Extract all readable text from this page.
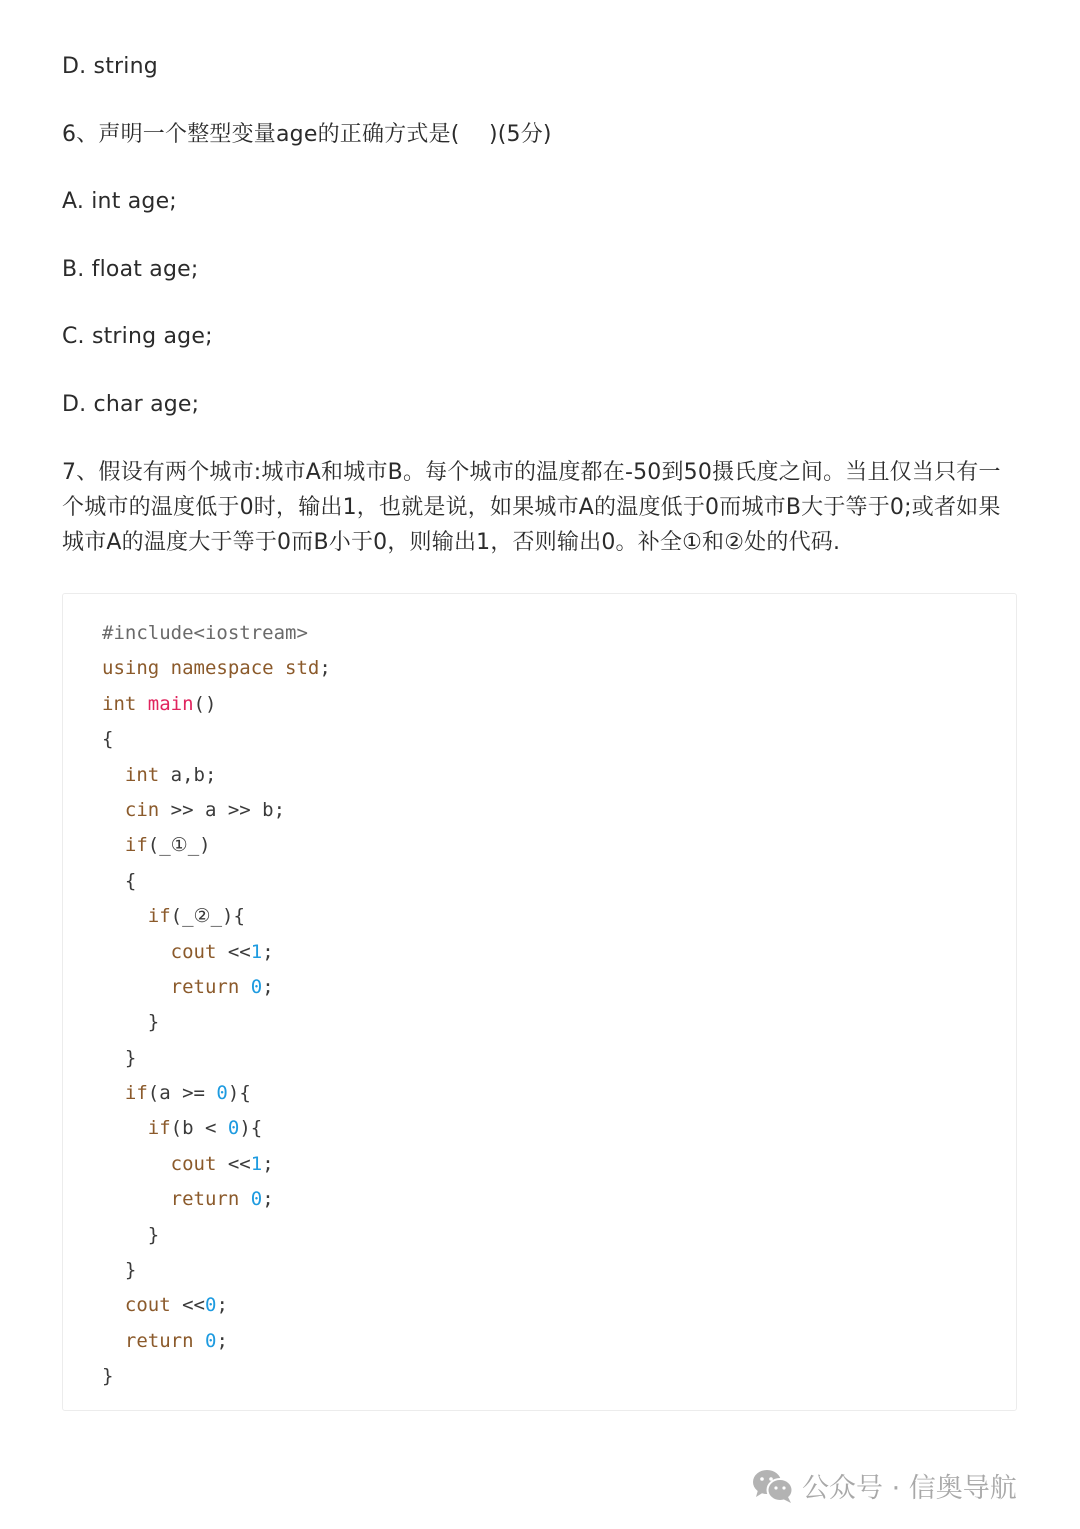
D. string

6、声明一个整型变量age的正确方式是(　 )(5分)

A. int age;

B. float age;

C. string age;

D. char age;

7、假设有两个城市:城市A和城市B。每个城市的温度都在-50到50摄氏度之间。当且仅当只有一个城市的温度低于0时，输出1，也就是说，如果城市A的温度低于0而城市B大于等于0;或者如果城市A的温度大于等于0而B小于0，则输出1，否则输出0。补全①和②处的代码.

#include<iostream>
using namespace std;
int main()
{
int a,b;
cin >> a >> b;
if(_①_)
{
if(_②_){
cout <<1;
return 0;
}
}
if(a >= 0){
if(b < 0){
cout <<1;
return 0;
}
}
cout <<0;
return 0;
}
公众号 · 信奥导航
